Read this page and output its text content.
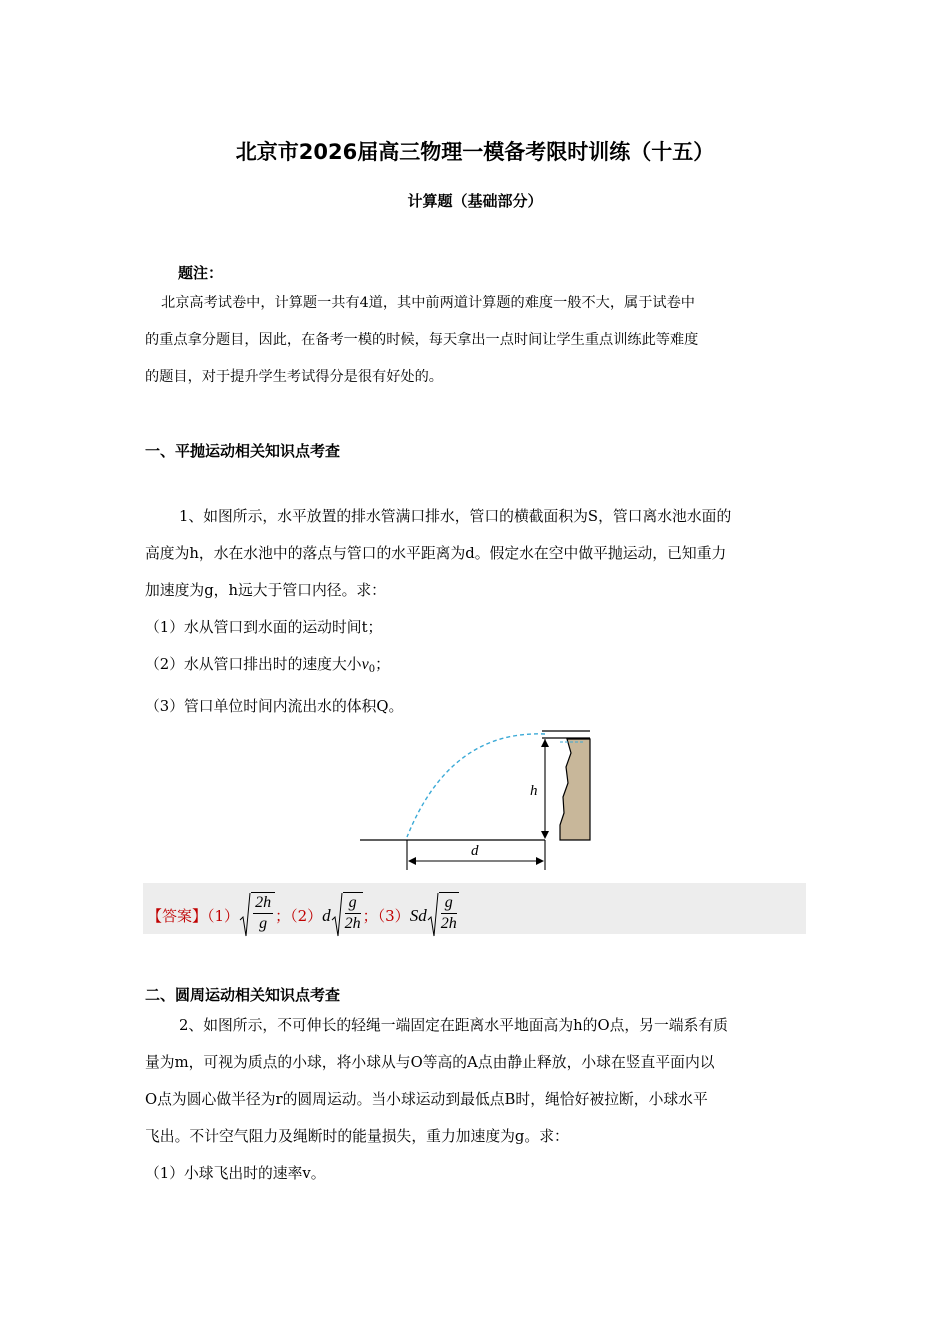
北京市2026届高三物理一模备考限时训练（十五）
计算题（基础部分）
题注：
北京高考试卷中，计算题一共有4道，其中前两道计算题的难度一般不大，属于试卷中
的重点拿分题目，因此，在备考一模的时候，每天拿出一点时间让学生重点训练此等难度
的题目，对于提升学生考试得分是很有好处的。
一、平抛运动相关知识点考查
1、如图所示，水平放置的排水管满口排水，管口的横截面积为S，管口离水池水面的
高度为h，水在水池中的落点与管口的水平距离为d。假定水在空中做平抛运动，已知重力
加速度为g，h远大于管口内径。求：
（1）水从管口到水面的运动时间t；
（2）水从管口排出时的速度大小$v_0$；
（3）管口单位时间内流出水的体积Q。
h
d
【答案】$(1) \frac{2h}{g}$ ；$(2)d \frac{g}{2h}$ ；$(3)Sd \frac{g}{2h}$
二、圆周运动相关知识点考查
2、如图所示，不可伸长的轻绳一端固定在距离水平地面高为h的O点，另一端系有质
量为m，可视为质点的小球，将小球从与O等高的A点由静止释放，小球在竖直平面内以
O点为圆心做半径为r的圆周运动。当小球运动到最低点B时，绳恰好被拉断，小球水平
飞出。不计空气阻力及绳断时的能量损失，重力加速度为g。求：
（1）小球飞出时的速率v。
